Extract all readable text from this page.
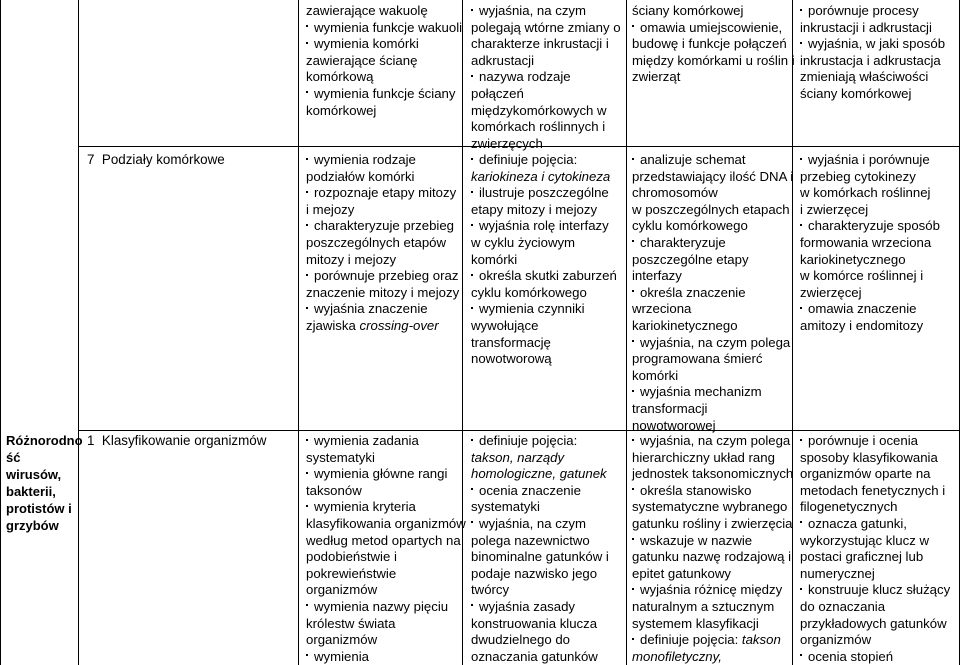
Różnorodno

ść wirusów,

bakterii,

protistów i

grzybów

7 Podziały komórkowe
1 Klasyfikowanie organizmów

zawierające wakuolę

wymienia funkcje wakuoli

wymienia komórki

zawierające ścianę

komórkową

wymienia funkcje ściany

komórkowej

wyjaśnia, na czym

polegają wtórne zmiany o

charakterze inkrustacji i

adkrustacji

nazywa rodzaje

połączeń

międzykomórkowych w

komórkach roślinnych i

zwierzęcych

ściany komórkowej

omawia umiejscowienie,

budowę i funkcje połączeń

między komórkami u roślin i

zwierząt

porównuje procesy

inkrustacji i adkrustacji

wyjaśnia, w jaki sposób

inkrustacja i adkrustacja

zmieniają właściwości

ściany komórkowej

wymienia rodzaje

podziałów komórki

rozpoznaje etapy mitozy

i mejozy

charakteryzuje przebieg

poszczególnych etapów

mitozy i mejozy

porównuje przebieg oraz

znaczenie mitozy i mejozy

wyjaśnia znaczenie

zjawiska crossing-over

definiuje pojęcia:

kariokineza i cytokineza

ilustruje poszczególne

etapy mitozy i mejozy

wyjaśnia rolę interfazy

w cyklu życiowym

komórki

określa skutki zaburzeń

cyklu komórkowego

wymienia czynniki

wywołujące

transformację

nowotworową

analizuje schemat

przedstawiający ilość DNA i

chromosomów

w poszczególnych etapach

cyklu komórkowego

charakteryzuje

poszczególne etapy

interfazy

określa znaczenie

wrzeciona

kariokinetycznego

wyjaśnia, na czym polega

programowana śmierć

komórki

wyjaśnia mechanizm

transformacji

nowotworowej

wyjaśnia i porównuje

przebieg cytokinezy

w komórkach roślinnej

i zwierzęcej

charakteryzuje sposób

formowania wrzeciona

kariokinetycznego

w komórce roślinnej i

zwierzęcej

omawia znaczenie

amitozy i endomitozy

wymienia zadania

systematyki

wymienia główne rangi

taksonów

wymienia kryteria

klasyfikowania organizmów

według metod opartych na

podobieństwie i

pokrewieństwie

organizmów

wymienia nazwy pięciu

królestw świata

organizmów

wymienia

definiuje pojęcia:

takson, narządy

homologiczne, gatunek

ocenia znaczenie

systematyki

wyjaśnia, na czym

polega nazewnictwo

binominalne gatunków i

podaje nazwisko jego

twórcy

wyjaśnia zasady

konstruowania klucza

dwudzielnego do

oznaczania gatunków

wyjaśnia, na czym polega

hierarchiczny układ rang

jednostek taksonomicznych

określa stanowisko

systematyczne wybranego

gatunku rośliny i zwierzęcia

wskazuje w nazwie

gatunku nazwę rodzajową i

epitet gatunkowy

wyjaśnia różnicę między

naturalnym a sztucznym

systemem klasyfikacji

definiuje pojęcia: takson

monofiletyczny,

porównuje i ocenia

sposoby klasyfikowania

organizmów oparte na

metodach fenetycznych i

filogenetycznych

oznacza gatunki,

wykorzystując klucz w

postaci graficznej lub

numerycznej

konstruuje klucz służący

do oznaczania

przykładowych gatunków

organizmów

ocenia stopień
